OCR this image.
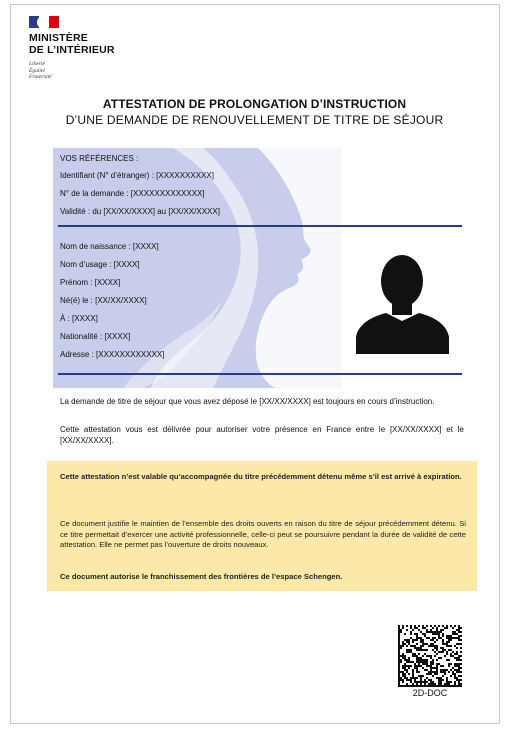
MINISTÈRE
DE L’INTÉRIEUR
Liberté
Égalité
Fraternité
ATTESTATION DE PROLONGATION D’INSTRUCTION
D’UNE DEMANDE DE RENOUVELLEMENT DE TITRE DE SÉJOUR
VOS RÉFÉRENCES :
Identifiant (N° d’étranger) : [XXXXXXXXXX]
N° de la demande : [XXXXXXXXXXXXX]
Validité : du [XX/XX/XXXX] au [XX/XX/XXXX]
Nom de naissance : [XXXX]
Nom d’usage : [XXXX]
Prénom : [XXXX]
Né(é) le : [XX/XX/XXXX]
À : [XXXX]
Nationalité : [XXXX]
Adresse : [XXXXXXXXXXXX]
La demande de titre de séjour que vous avez déposé le [XX/XX/XXXX] est toujours en cours d’instruction.
Cette attestation vous est délivrée pour autoriser votre présence en France entre le [XX/XX/XXXX] et le [XX/XX/XXXX].
Cette attestation n’est valable qu’accompagnée du titre précédemment détenu même s’il est arrivé à expiration.
Ce document justifie le maintien de l’ensemble des droits ouverts en raison du titre de séjour précédemment détenu. Si ce titre permettait d’exercer une activité professionnelle, celle-ci peut se poursuivre pendant la durée de validité de cette attestation. Elle ne permet pas l’ouverture de droits nouveaux.
Ce document autorise le franchissement des frontières de l’espace Schengen.
2D-DOC
